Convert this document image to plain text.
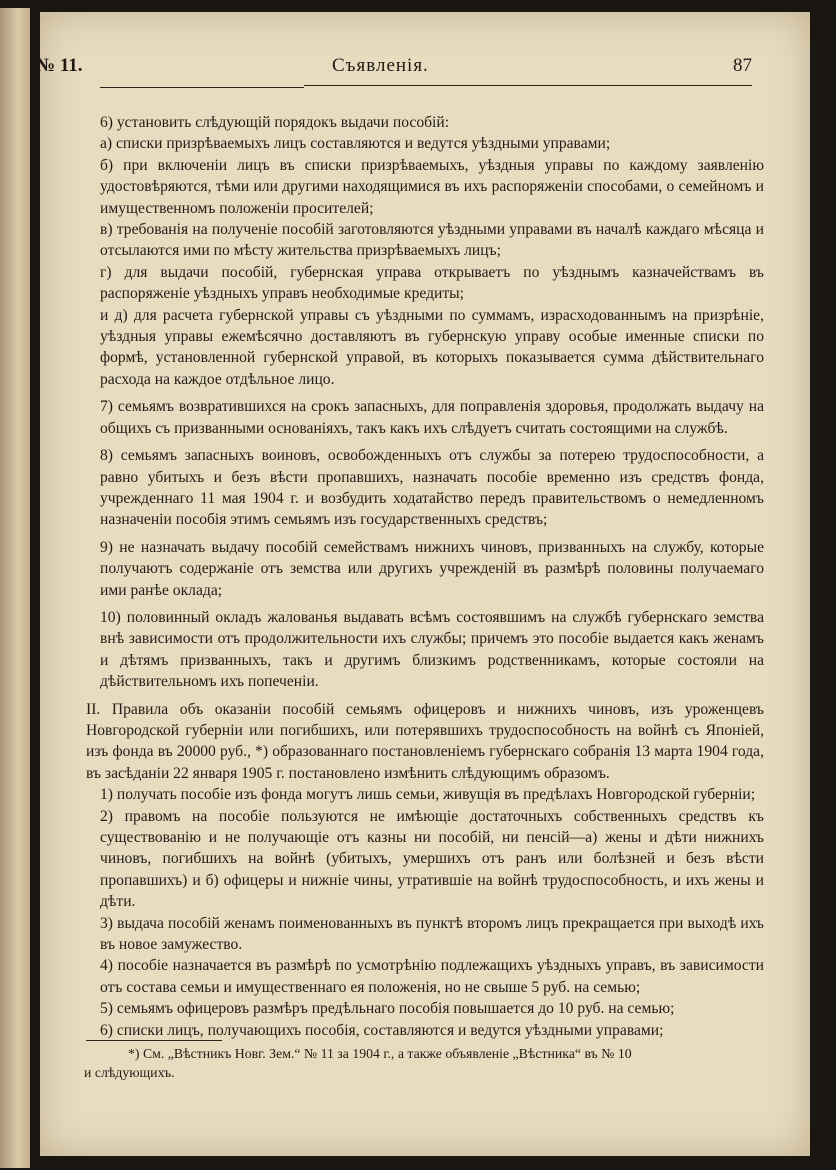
№ 11.	Съявленія.	87

6) установить слѣдующій порядокъ выдачи пособій:

а) списки призрѣваемыхъ лицъ составляются и ведутся уѣздными управами;

б) при включеніи лицъ въ списки призрѣваемыхъ, уѣздныя управы по каждому заявленію удостовѣряются, тѣми или другими находящимися въ ихъ распоряженіи способами, о семейномъ и имущественномъ положеніи просителей;

в) требованія на полученіе пособій заготовляются уѣздными управами въ началѣ каждаго мѣсяца и отсылаются ими по мѣсту жительства призрѣваемыхъ лицъ;

г) для выдачи пособій, губернская управа открываетъ по уѣзднымъ казначействамъ въ распоряженіе уѣздныхъ управъ необходимые кредиты;

и д) для расчета губернской управы съ уѣздными по суммамъ, израсходованнымъ на призрѣніе, уѣздныя управы ежемѣсячно доставляютъ въ губернскую управу особые именные списки по формѣ, установленной губернской управой, въ которыхъ показывается сумма дѣйствительнаго расхода на каждое отдѣльное лицо.

7) семьямъ возвратившихся на срокъ запасныхъ, для поправленія здоровья, продолжать выдачу на общихъ съ призванными основаніяхъ, такъ какъ ихъ слѣдуетъ считать состоящими на службѣ.

8) семьямъ запасныхъ воиновъ, освобожденныхъ отъ службы за потерею трудоспособности, а равно убитыхъ и безъ вѣсти пропавшихъ, назначать пособіе временно изъ средствъ фонда, учрежденнаго 11 мая 1904 г. и возбудить ходатайство передъ правительствомъ о немедленномъ назначеніи пособія этимъ семьямъ изъ государственныхъ средствъ;

9) не назначать выдачу пособій семействамъ нижнихъ чиновъ, призванныхъ на службу, которые получаютъ содержаніе отъ земства или другихъ учрежденій въ размѣрѣ половины получаемаго ими ранѣе оклада;

10) половинный окладъ жалованья выдавать всѣмъ состоявшимъ на службѣ губернскаго земства внѣ зависимости отъ продолжительности ихъ службы; причемъ это пособіе выдается какъ женамъ и дѣтямъ призванныхъ, такъ и другимъ близкимъ родственникамъ, которые состояли на дѣйствительномъ ихъ попеченіи.

II. Правила объ оказаніи пособій семьямъ офицеровъ и нижнихъ чиновъ, изъ уроженцевъ Новгородской губерніи или погибшихъ, или потерявшихъ трудоспособность на войнѣ съ Японіей, изъ фонда въ 20000 руб., *) образованнаго постановленіемъ губернскаго собранія 13 марта 1904 года, въ засѣданіи 22 января 1905 г. постановлено измѣнить слѣдующимъ образомъ.

1) получать пособіе изъ фонда могутъ лишь семьи, живущія въ предѣлахъ Новгородской губерніи;

2) правомъ на пособіе пользуются не имѣющіе достаточныхъ собственныхъ средствъ къ существованію и не получающіе отъ казны ни пособій, ни пенсій—а) жены и дѣти нижнихъ чиновъ, погибшихъ на войнѣ (убитыхъ, умершихъ отъ ранъ или болѣзней и безъ вѣсти пропавшихъ) и б) офицеры и нижніе чины, утратившіе на войнѣ трудоспособность, и ихъ жены и дѣти.

3) выдача пособій женамъ поименованныхъ въ пунктѣ второмъ лицъ прекращается при выходѣ ихъ въ новое замужество.

4) пособіе назначается въ размѣрѣ по усмотрѣнію подлежащихъ уѣздныхъ управъ, въ зависимости отъ состава семьи и имущественнаго ея положенія, но не свыше 5 руб. на семью;

5) семьямъ офицеровъ размѣръ предѣльнаго пособія повышается до 10 руб. на семью;

6) списки лицъ, получающихъ пособія, составляются и ведутся уѣздными управами;

*) См. „Вѣстникъ Новг. Зем.“ № 11 за 1904 г., а также объявленіе „Вѣстника“ въ № 10

и слѣдующихъ.
